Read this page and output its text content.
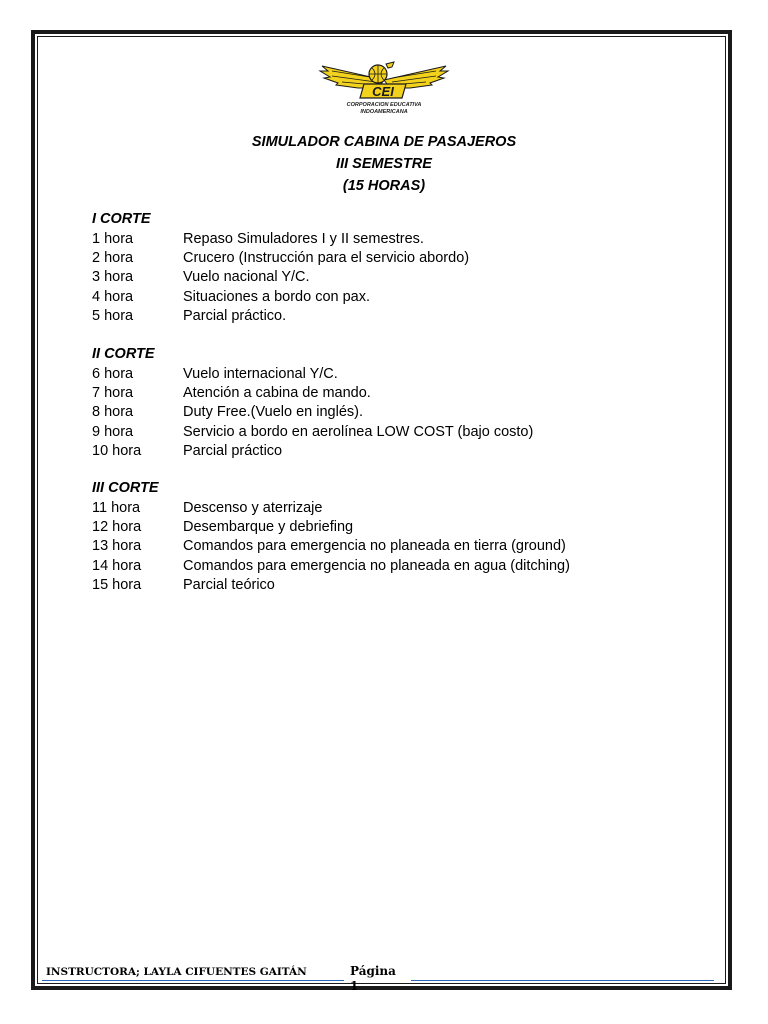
CEI
CORPORACION EDUCATIVA
INDOAMERICANA
SIMULADOR CABINA DE PASAJEROS
III SEMESTRE
(15 HORAS)
I CORTE
1 hora	Repaso Simuladores I y II semestres.
2 hora	Crucero (Instrucción para el servicio abordo)
3 hora	Vuelo nacional Y/C.
4 hora	Situaciones a bordo con pax.
5 hora	Parcial práctico.
II CORTE
6 hora	Vuelo internacional Y/C.
7 hora	Atención a cabina de mando.
8 hora	Duty Free.(Vuelo en inglés).
9 hora	Servicio a bordo en aerolínea LOW COST (bajo costo)
10 hora	Parcial práctico
III CORTE
11 hora	Descenso y aterrizaje
12 hora	Desembarque y debriefing
13 hora	Comandos para emergencia no planeada en tierra (ground)
14 hora	Comandos para emergencia no planeada en agua (ditching)
15 hora	Parcial teórico
INSTRUCTORA; LAYLA CIFUENTES GAITÁN	Página
1
